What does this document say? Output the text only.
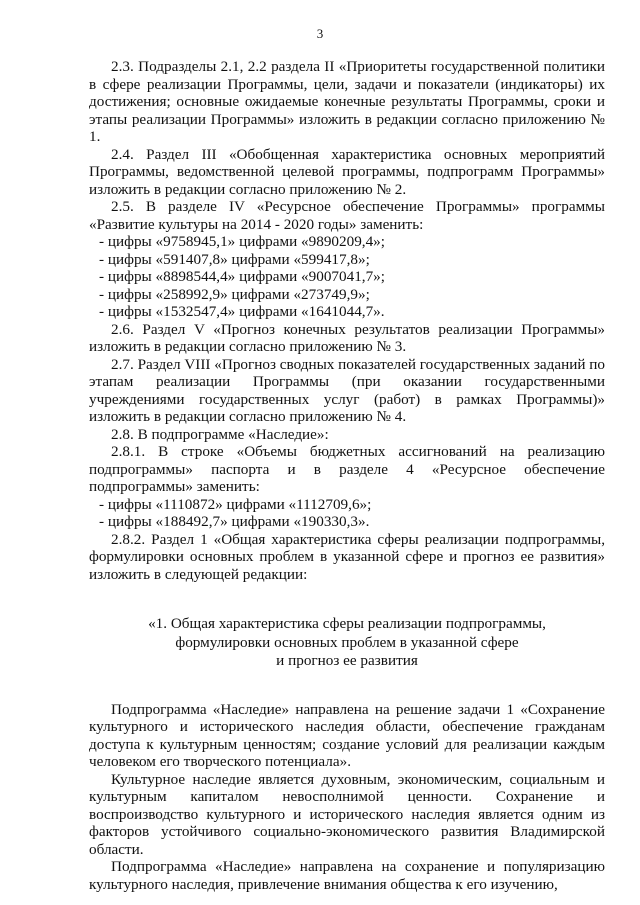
3

2.3. Подразделы 2.1, 2.2 раздела II «Приоритеты государственной политики в сфере реализации Программы, цели, задачи и показатели (индикаторы) их достижения; основные ожидаемые конечные результаты Программы, сроки и этапы реализации Программы» изложить в редакции согласно приложению № 1.

2.4. Раздел III «Обобщенная характеристика основных мероприятий Программы, ведомственной целевой программы, подпрограмм Программы» изложить в редакции согласно приложению № 2.

2.5. В разделе IV «Ресурсное обеспечение Программы» программы «Развитие культуры на 2014 - 2020 годы» заменить:

- цифры «9758945,1» цифрами «9890209,4»;

- цифры «591407,8» цифрами «599417,8»;

- цифры «8898544,4» цифрами «9007041,7»;

- цифры «258992,9» цифрами «273749,9»;

- цифры «1532547,4» цифрами «1641044,7».

2.6. Раздел V «Прогноз конечных результатов реализации Программы» изложить в редакции согласно приложению № 3.

2.7. Раздел VIII «Прогноз сводных показателей государственных заданий по этапам реализации Программы (при оказании государственными учреждениями государственных услуг (работ) в рамках Программы)» изложить в редакции согласно приложению № 4.

2.8. В подпрограмме «Наследие»:

2.8.1. В строке «Объемы бюджетных ассигнований на реализацию подпрограммы» паспорта и в разделе 4 «Ресурсное обеспечение подпрограммы» заменить:

- цифры «1110872» цифрами «1112709,6»;

- цифры «188492,7» цифрами «190330,3».

2.8.2. Раздел 1 «Общая характеристика сферы реализации подпрограммы, формулировки основных проблем в указанной сфере и прогноз ее развития» изложить в следующей редакции:

«1. Общая характеристика сферы реализации подпрограммы,
формулировки основных проблем в указанной сфере
и прогноз ее развития

Подпрограмма «Наследие» направлена на решение задачи 1 «Сохранение культурного и исторического наследия области, обеспечение гражданам доступа к культурным ценностям; создание условий для реализации каждым человеком его творческого потенциала».

Культурное наследие является духовным, экономическим, социальным и культурным капиталом невосполнимой ценности. Сохранение и воспроизводство культурного и исторического наследия является одним из факторов устойчивого социально-экономического развития Владимирской области.

Подпрограмма «Наследие» направлена на сохранение и популяризацию культурного наследия, привлечение внимания общества к его изучению,
